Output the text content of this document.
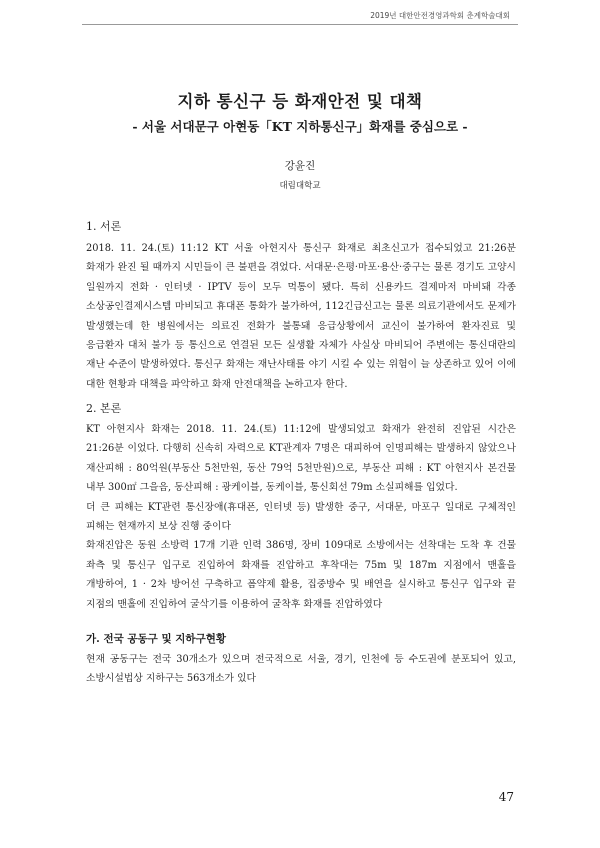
2019년 대한안전경영과학회 춘계학술대회
지하 통신구 등 화재안전 및 대책
- 서울 서대문구 아현동「KT 지하통신구」화재를 중심으로 -
강윤진
대림대학교

1. 서론

2018. 11. 24.(토) 11:12 KT 서울 아현지사 통신구 화재로 최초신고가 접수되었고 21:26분 화재가 완진 될 때까지 시민들이 큰 불편을 겪었다. 서대문·은평·마포·용산·중구는 물론 경기도 고양시 일원까지 전화 · 인터넷 · IPTV 등이 모두 먹통이 됐다. 특히 신용카드 결제마저 마비돼 각종 소상공인결제시스템 마비되고 휴대폰 통화가 불가하여, 112긴급신고는 물론 의료기관에서도 문제가 발생했는데 한 병원에서는 의료진 전화가 불통돼 응급상황에서 교신이 불가하여 환자진료 및 응급환자 대처 불가 등 통신으로 연결된 모든 실생활 자체가 사실상 마비되어 주변에는 통신대란의 재난 수준이 발생하였다. 통신구 화재는 재난사태를 야기 시킬 수 있는 위험이 늘 상존하고 있어 이에 대한 현황과 대책을 파악하고 화재 안전대책을 논하고자 한다.

2. 본론

KT 아현지사 화재는 2018. 11. 24.(토) 11:12에 발생되었고 화재가 완전히 진압된 시간은 21:26분 이었다. 다행히 신속히 자력으로 KT관계자 7명은 대피하여 인명피해는 발생하지 않았으나 재산피해 : 80억원(부동산 5천만원, 동산 79억 5천만원)으로, 부동산 피해 : KT 아현지사 본건물 내부 300㎡ 그을음, 동산피해 : 광케이블, 동케이블, 통신회선 79m 소실피해를 입었다.

더 큰 피해는 KT관련 통신장애(휴대폰, 인터넷 등) 발생한 중구, 서대문, 마포구 일대로 구체적인 피해는 현재까지 보상 진행 중이다

화재진압은 동원 소방력 17개 기관 인력 386명, 장비 109대로 소방에서는 선착대는 도착 후 건물 좌측 및 통신구 입구로 진입하여 화재를 진압하고 후착대는 75m 및 187m 지점에서 맨홀을 개방하여, 1 · 2차 방어선 구축하고 폼약제 활용, 집중방수 및 배연을 실시하고 통신구 입구와 끝 지점의 맨홀에 진입하여 굴삭기를 이용하여 굴착후 화재를 진압하였다

가. 전국 공동구 및 지하구현황

현재 공동구는 전국 30개소가 있으며 전국적으로 서울, 경기, 인천에 등 수도권에 분포되어 있고, 소방시설법상 지하구는 563개소가 있다

47
